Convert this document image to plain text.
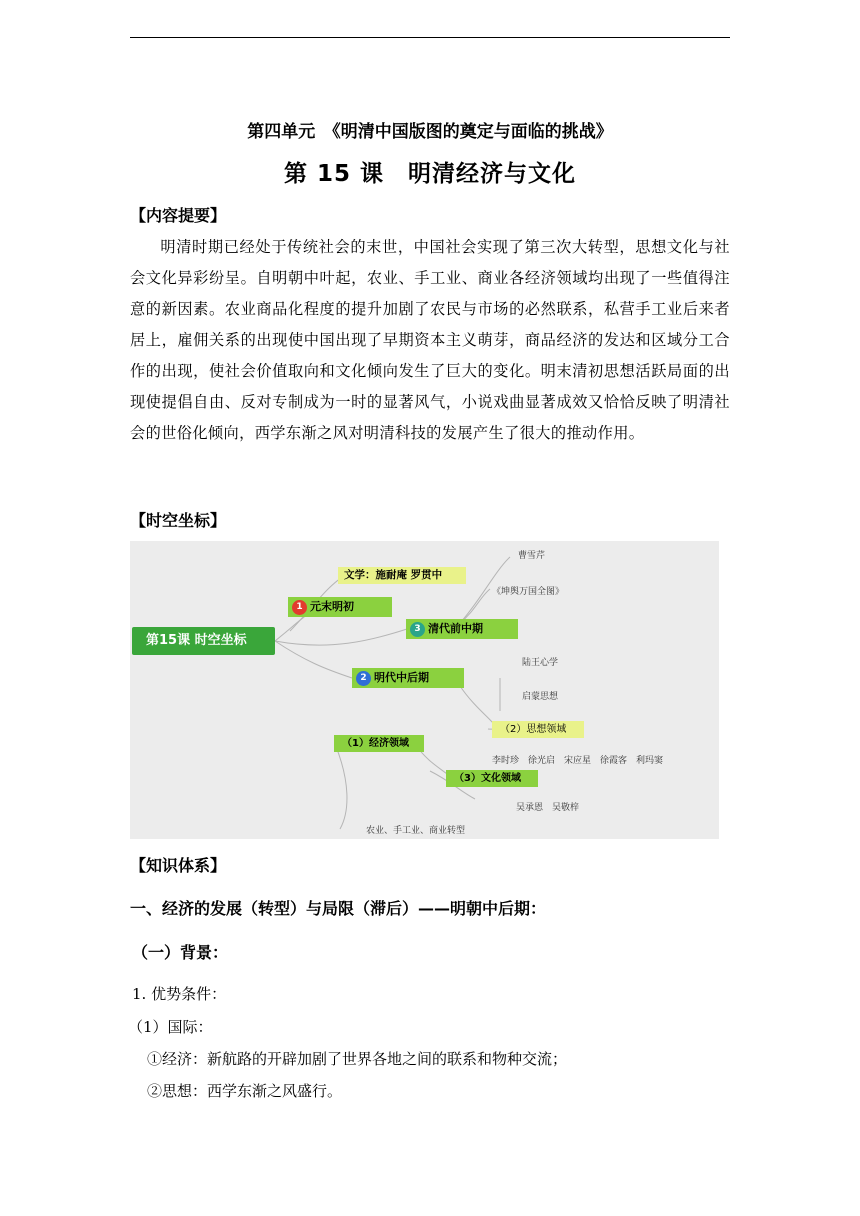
第四单元　《明清中国版图的奠定与面临的挑战》
第 15 课　明清经济与文化
【内容提要】
明清时期已经处于传统社会的末世，中国社会实现了第三次大转型，思想文化与社会文化异彩纷呈。自明朝中叶起，农业、手工业、商业各经济领域均出现了一些值得注意的新因素。农业商品化程度的提升加剧了农民与市场的必然联系，私营手工业后来者居上，雇佣关系的出现使中国出现了早期资本主义萌芽，商品经济的发达和区域分工合作的出现，使社会价值取向和文化倾向发生了巨大的变化。明末清初思想活跃局面的出现使提倡自由、反对专制成为一时的显著风气，小说戏曲显著成效又恰恰反映了明清社会的世俗化倾向，西学东渐之风对明清科技的发展产生了很大的推动作用。
【时空坐标】
第15课 时空坐标
1 元末明初
文学：施耐庵 罗贯中
3 清代前中期
2 明代中后期
（1）经济领域
（2）思想领域
（3）文化领域
曹雪芹
《坤舆万国全图》
陆王心学
启蒙思想
李时珍　徐光启　宋应星　徐霞客　利玛窦
吴承恩　吴敬梓
农业、手工业、商业转型
【知识体系】
一、经济的发展（转型）与局限（滞后）——明朝中后期：
（一）背景：
1. 优势条件：
（1）国际：
①经济：新航路的开辟加剧了世界各地之间的联系和物种交流；
②思想：西学东渐之风盛行。
